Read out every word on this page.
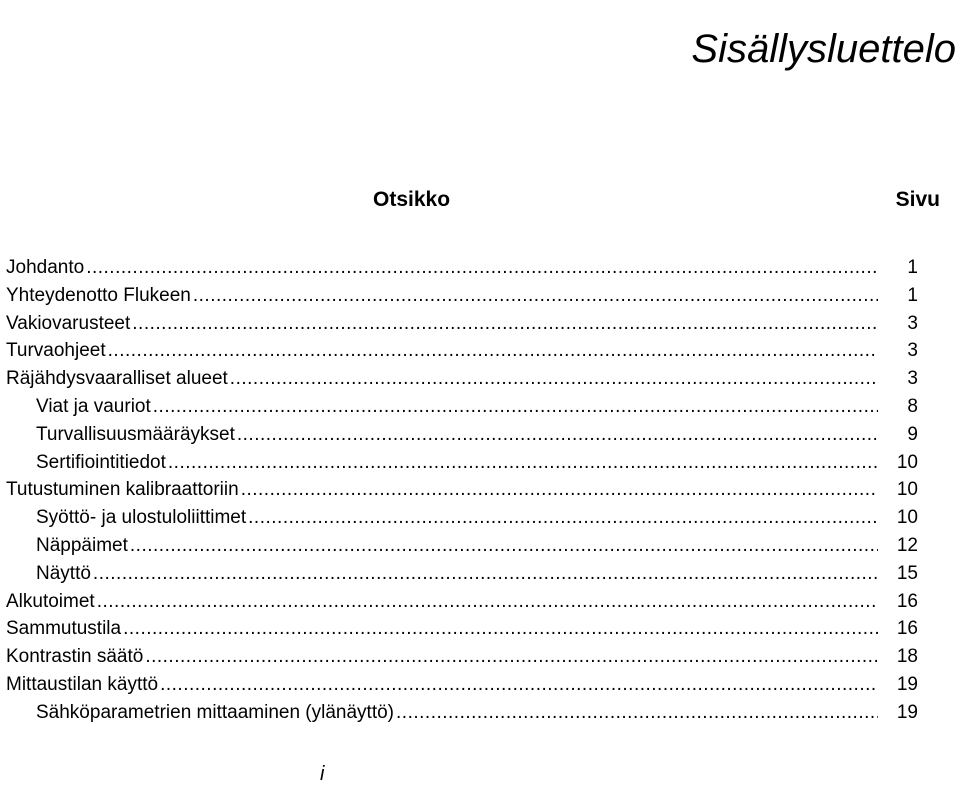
Sisällysluettelo
Otsikko	Sivu
Johdanto .....	1
Yhteydenotto Flukeen .....	1
Vakiovarusteet .....	3
Turvaohjeet .....	3
Räjähdysvaaralliset alueet .....	3
Viat ja vauriot .....	8
Turvallisuusmääräykset .....	9
Sertifiointitiedot .....	10
Tutustuminen kalibraattoriin .....	10
Syöttö- ja ulostuloliittimet .....	10
Näppäimet .....	12
Näyttö .....	15
Alkutoimet .....	16
Sammutustila .....	16
Kontrastin säätö .....	18
Mittaustilan käyttö .....	19
Sähköparametrien mittaaminen (ylänäyttö) .....	19
i
